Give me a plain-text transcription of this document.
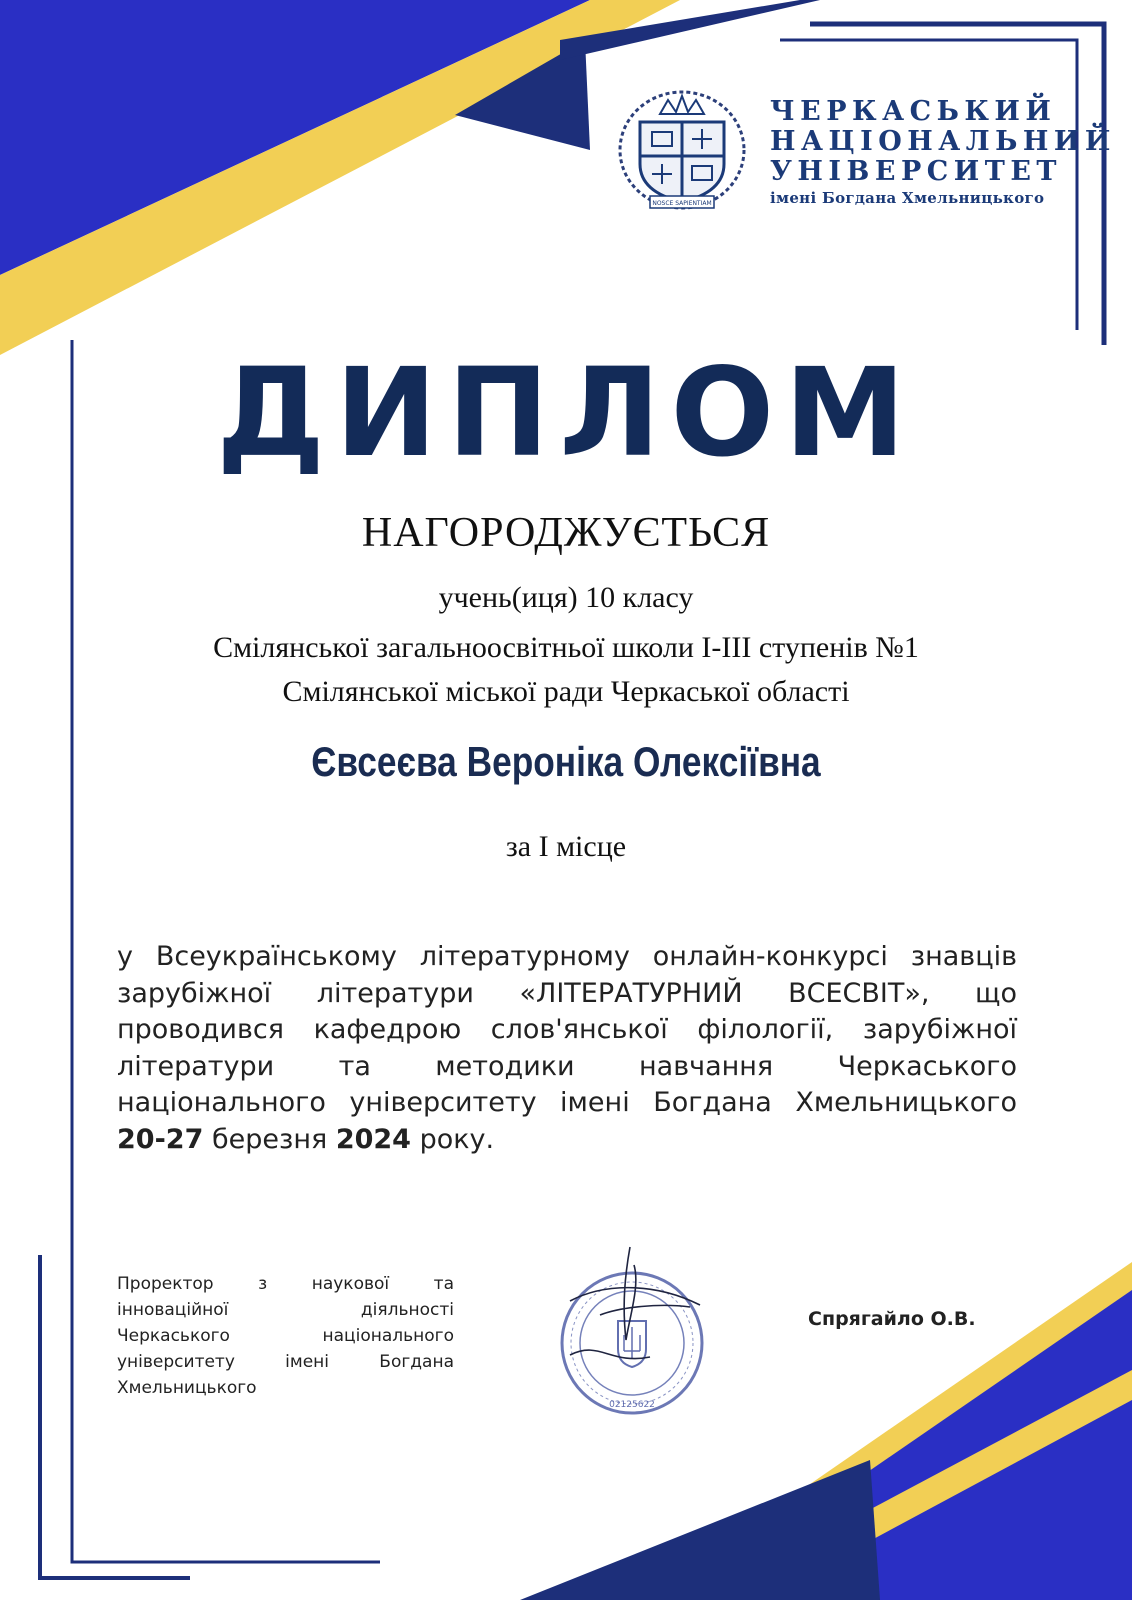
NOSCE SAPIENTIAM
ЧЕРКАСЬКИЙ
НАЦІОНАЛЬНИЙ
УНІВЕРСИТЕТ
імені Богдана Хмельницького
ДИПЛОМ
НАГОРОДЖУЄТЬСЯ
учень(иця) 10 класу
Смілянської загальноосвітньої школи І-ІІІ ступенів №1
Смілянської міської ради Черкаської області
Євсеєва Вероніка Олексіївна
за І місце
у Всеукраїнському літературному онлайн-конкурсі знавців
зарубіжної літератури «ЛІТЕРАТУРНИЙ ВСЕСВІТ», що
проводився кафедрою слов'янської філології, зарубіжної
літератури та методики навчання Черкаського
національного університету імені Богдана Хмельницького
20-27 березня 2024 року.
Проректор з наукової та
інноваційної діяльності
Черкаського національного
університету імені Богдана
Хмельницького
02125622
Спрягайло О.В.
